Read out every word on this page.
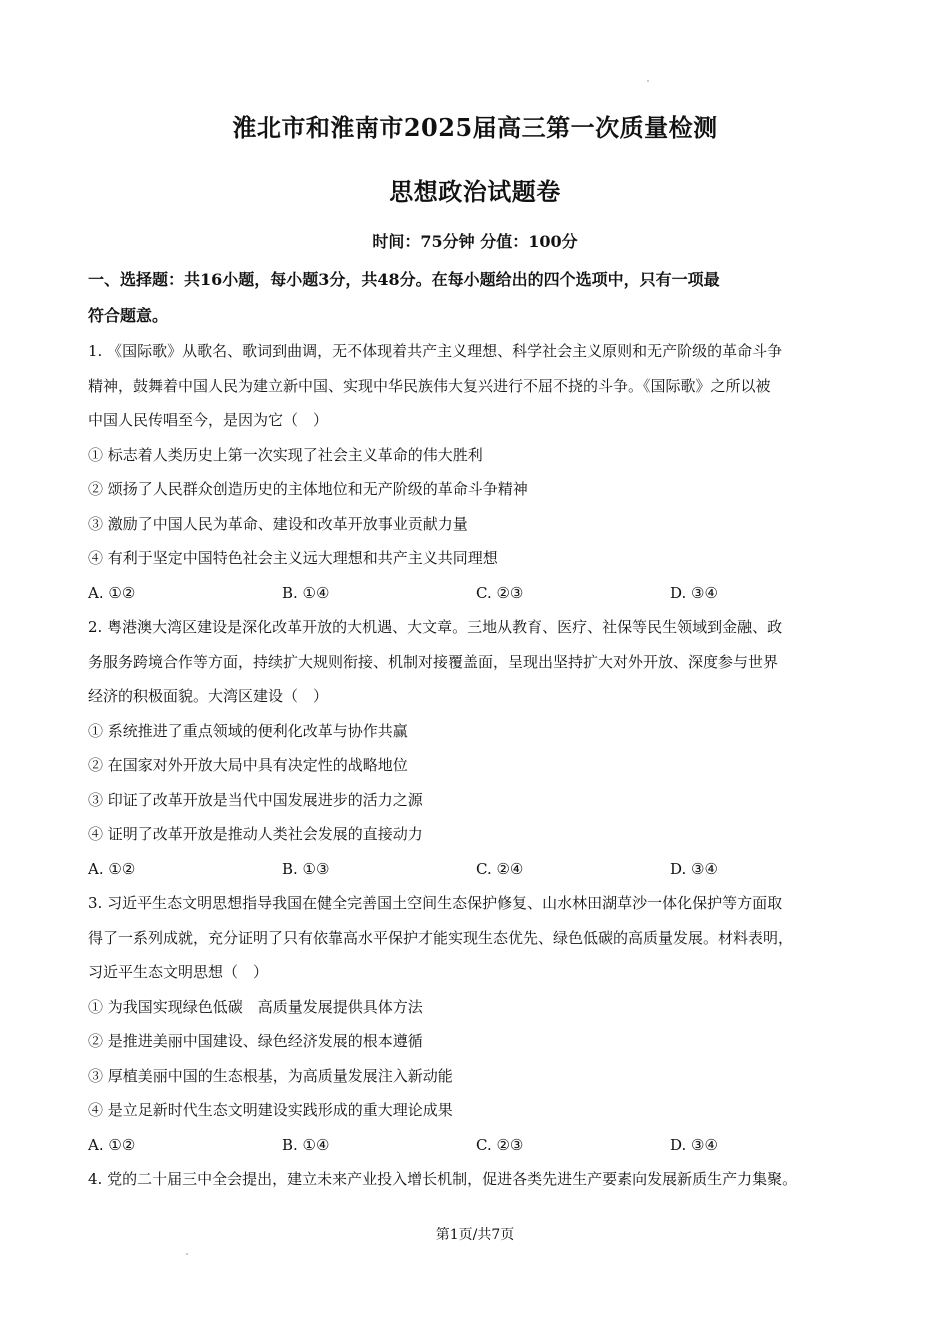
淮北市和淮南市2025届高三第一次质量检测
思想政治试题卷
时间：75分钟 分值：100分
一、选择题：共16小题，每小题3分，共48分。在每小题给出的四个选项中，只有一项最
符合题意。
1. 《国际歌》从歌名、歌词到曲调，无不体现着共产主义理想、科学社会主义原则和无产阶级的革命斗争
精神，鼓舞着中国人民为建立新中国、实现中华民族伟大复兴进行不屈不挠的斗争。《国际歌》之所以被
中国人民传唱至今，是因为它（　）
① 标志着人类历史上第一次实现了社会主义革命的伟大胜利
② 颂扬了人民群众创造历史的主体地位和无产阶级的革命斗争精神
③ 激励了中国人民为革命、建设和改革开放事业贡献力量
④ 有利于坚定中国特色社会主义远大理想和共产主义共同理想
A. ①②	B. ①④	C. ②③	D. ③④
2. 粤港澳大湾区建设是深化改革开放的大机遇、大文章。三地从教育、医疗、社保等民生领域到金融、政
务服务跨境合作等方面，持续扩大规则衔接、机制对接覆盖面，呈现出坚持扩大对外开放、深度参与世界
经济的积极面貌。大湾区建设（　）
① 系统推进了重点领域的便利化改革与协作共赢
② 在国家对外开放大局中具有决定性的战略地位
③ 印证了改革开放是当代中国发展进步的活力之源
④ 证明了改革开放是推动人类社会发展的直接动力
A. ①②	B. ①③	C. ②④	D. ③④
3. 习近平生态文明思想指导我国在健全完善国土空间生态保护修复、山水林田湖草沙一体化保护等方面取
得了一系列成就，充分证明了只有依靠高水平保护才能实现生态优先、绿色低碳的高质量发展。材料表明，
习近平生态文明思想（　）
① 为我国实现绿色低碳　高质量发展提供具体方法
② 是推进美丽中国建设、绿色经济发展的根本遵循
③ 厚植美丽中国的生态根基，为高质量发展注入新动能
④ 是立足新时代生态文明建设实践形成的重大理论成果
A. ①②	B. ①④	C. ②③	D. ③④
4. 党的二十届三中全会提出，建立未来产业投入增长机制，促进各类先进生产要素向发展新质生产力集聚。
第1页/共7页
